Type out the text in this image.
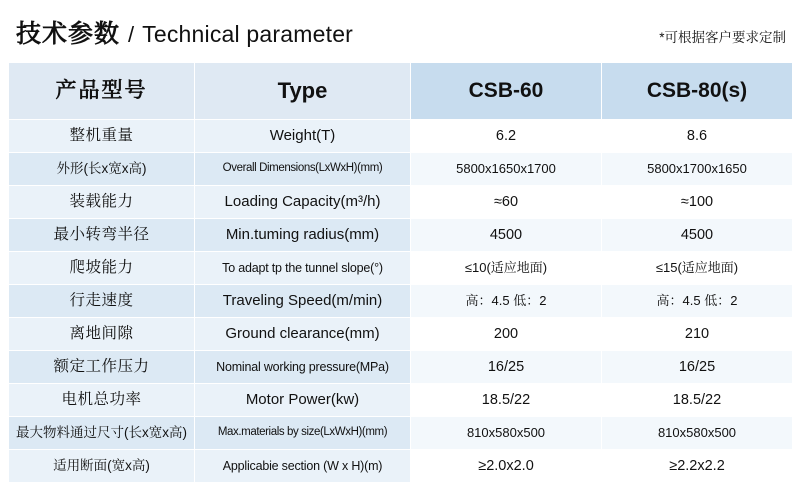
技术参数 / Technical parameter	*可根据客户要求定制
产品型号	Type	CSB-60	CSB-80(s)
整机重量	Weight(T)	6.2	8.6
外形(长x宽x高)	Overall Dimensions(LxWxH)(mm)	5800x1650x1700	5800x1700x1650
装载能力	Loading Capacity(m³/h)	≈60	≈100
最小转弯半径	Min.tuming radius(mm)	4500	4500
爬坡能力	To adapt tp the tunnel slope(°)	≤10(适应地面)	≤15(适应地面)
行走速度	Traveling Speed(m/min)	高：4.5 低：2	高：4.5 低：2
离地间隙	Ground clearance(mm)	200	210
额定工作压力	Nominal working pressure(MPa)	16/25	16/25
电机总功率	Motor Power(kw)	18.5/22	18.5/22
最大物料通过尺寸(长x宽x高)	Max.materials by size(LxWxH)(mm)	810x580x500	810x580x500
适用断面(宽x高)	Applicabie section (W x H)(m)	≥2.0x2.0	≥2.2x2.2
